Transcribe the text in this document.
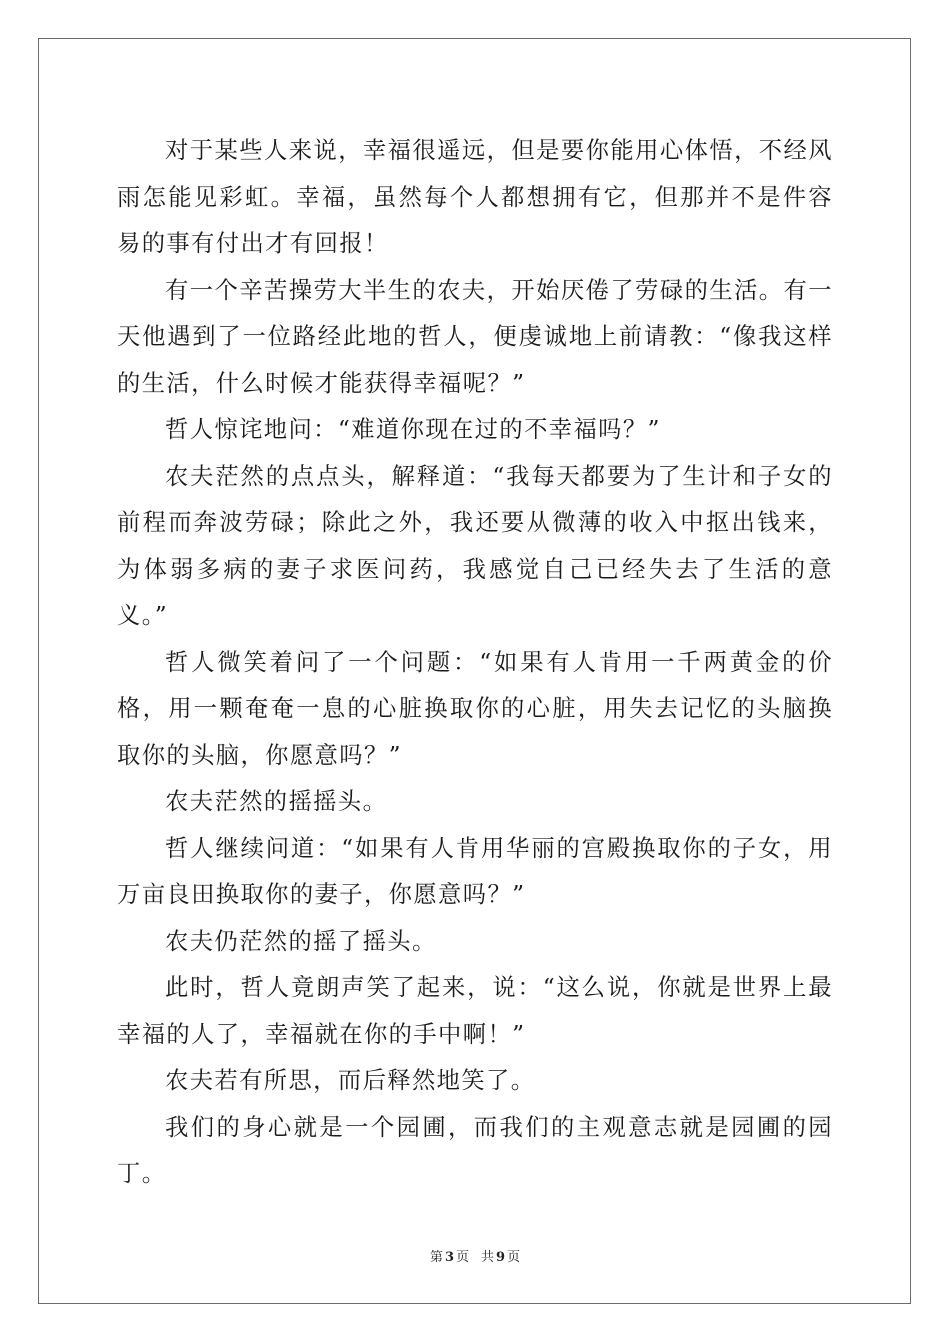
对于某些人来说，幸福很遥远，但是要你能用心体悟，不经风雨怎能见彩虹。幸福，虽然每个人都想拥有它，但那并不是件容易的事有付出才有回报！

有一个辛苦操劳大半生的农夫，开始厌倦了劳碌的生活。有一天他遇到了一位路经此地的哲人，便虔诚地上前请教：“像我这样的生活，什么时候才能获得幸福呢？”

哲人惊诧地问：“难道你现在过的不幸福吗？”

农夫茫然的点点头，解释道：“我每天都要为了生计和子女的前程而奔波劳碌；除此之外，我还要从微薄的收入中抠出钱来，为体弱多病的妻子求医问药，我感觉自己已经失去了生活的意义。”

哲人微笑着问了一个问题：“如果有人肯用一千两黄金的价格，用一颗奄奄一息的心脏换取你的心脏，用失去记忆的头脑换取你的头脑，你愿意吗？”

农夫茫然的摇摇头。

哲人继续问道：“如果有人肯用华丽的宫殿换取你的子女，用万亩良田换取你的妻子，你愿意吗？”

农夫仍茫然的摇了摇头。

此时，哲人竟朗声笑了起来，说：“这么说，你就是世界上最幸福的人了，幸福就在你的手中啊！”

农夫若有所思，而后释然地笑了。

我们的身心就是一个园圃，而我们的主观意志就是园圃的园丁。

第 3 页 共 9 页
